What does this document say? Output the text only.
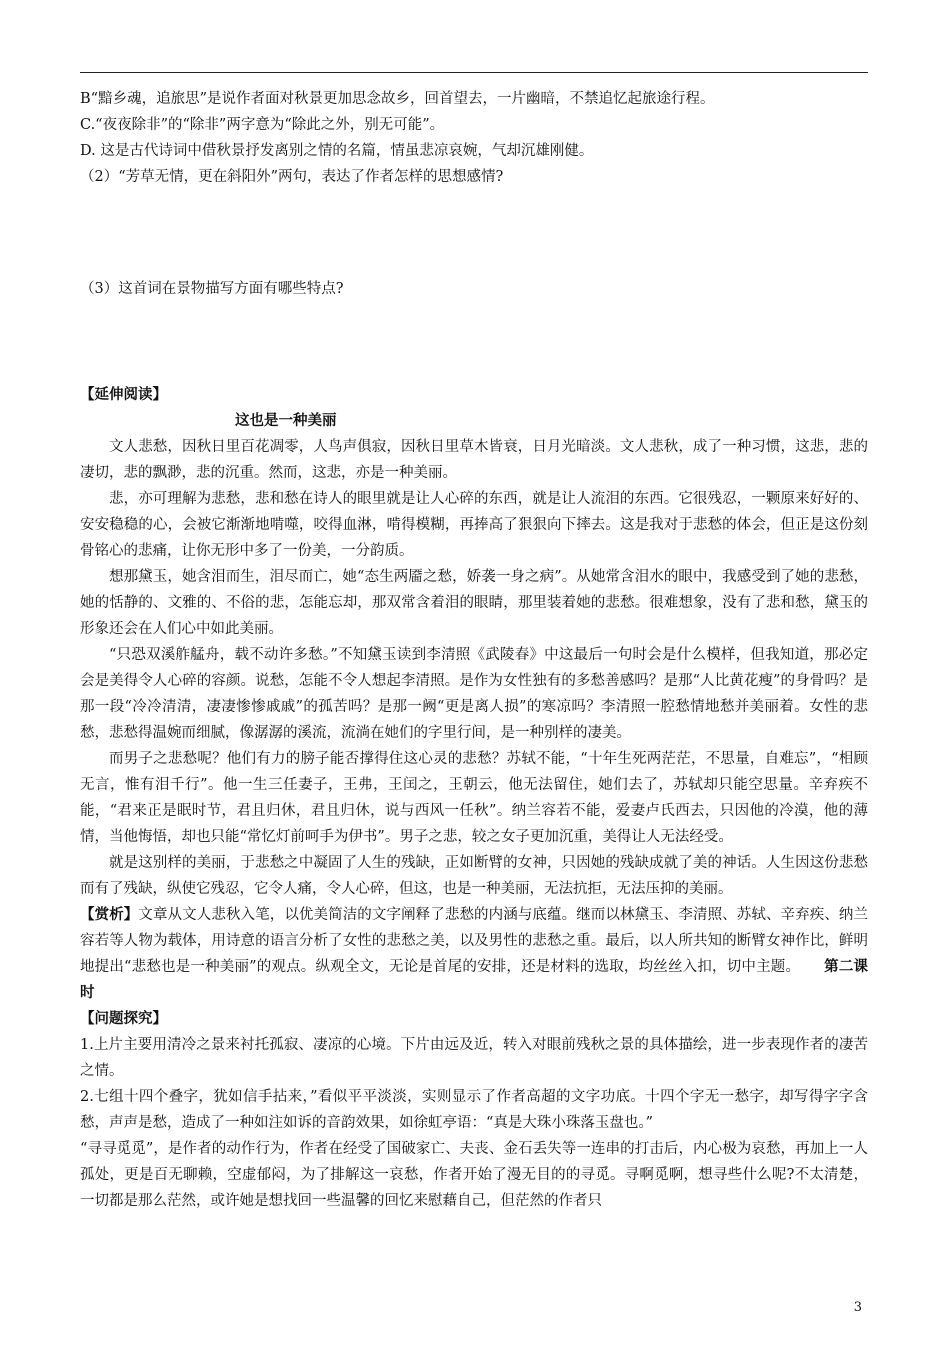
B“黯乡魂，追旅思”是说作者面对秋景更加思念故乡，回首望去，一片幽暗，不禁追忆起旅途行程。

C.“夜夜除非”的“除非”两字意为“除此之外，别无可能”。

D. 这是古代诗词中借秋景抒发离别之情的名篇，情虽悲凉哀婉，气却沉雄刚健。

（2）“芳草无情，更在斜阳外”两句，表达了作者怎样的思想感情?

（3）这首词在景物描写方面有哪些特点?

【延伸阅读】

这也是一种美丽

文人悲愁，因秋日里百花凋零，人鸟声俱寂，因秋日里草木皆衰，日月光暗淡。文人悲秋，成了一种习惯，这悲，悲的凄切，悲的飘渺，悲的沉重。然而，这悲，亦是一种美丽。

悲，亦可理解为悲愁，悲和愁在诗人的眼里就是让人心碎的东西，就是让人流泪的东西。它很残忍，一颗原来好好的、安安稳稳的心，会被它渐渐地啃噬，咬得血淋，啃得模糊，再捧高了狠狠向下摔去。这是我对于悲愁的体会，但正是这份刻骨铭心的悲痛，让你无形中多了一份美，一分韵质。

想那黛玉，她含泪而生，泪尽而亡，她“态生两靥之愁，娇袭一身之病”。从她常含泪水的眼中，我感受到了她的悲愁，她的恬静的、文雅的、不俗的悲，怎能忘却，那双常含着泪的眼睛，那里装着她的悲愁。很难想象，没有了悲和愁，黛玉的形象还会在人们心中如此美丽。

“只恐双溪舴艋舟，载不动许多愁。”不知黛玉读到李清照《武陵春》中这最后一句时会是什么模样，但我知道，那必定会是美得令人心碎的容颜。说愁，怎能不令人想起李清照。是作为女性独有的多愁善感吗？是那“人比黄花瘦”的身骨吗？是那一段“冷冷清清，凄凄惨惨戚戚”的孤苦吗？是那一阙“更是离人损”的寒凉吗？李清照一腔愁情地愁并美丽着。女性的悲愁，悲愁得温婉而细腻，像潺潺的溪流，流淌在她们的字里行间，是一种别样的凄美。

而男子之悲愁呢？他们有力的膀子能否撑得住这心灵的悲愁？苏轼不能，“十年生死两茫茫，不思量，自难忘”，“相顾无言，惟有泪千行”。他一生三任妻子，王弗，王闰之，王朝云，他无法留住，她们去了，苏轼却只能空思量。辛弃疾不能，“君来正是眠时节，君且归休，君且归休，说与西风一任秋”。纳兰容若不能，爱妻卢氏西去，只因他的冷漠，他的薄情，当他悔悟，却也只能“常忆灯前呵手为伊书”。男子之悲，较之女子更加沉重，美得让人无法经受。

就是这别样的美丽，于悲愁之中凝固了人生的残缺，正如断臂的女神，只因她的残缺成就了美的神话。人生因这份悲愁而有了残缺，纵使它残忍，它令人痛，令人心碎，但这，也是一种美丽，无法抗拒，无法压抑的美丽。

【赏析】文章从文人悲秋入笔，以优美简洁的文字阐释了悲愁的内涵与底蕴。继而以林黛玉、李清照、苏轼、辛弃疾、纳兰容若等人物为载体，用诗意的语言分析了女性的悲愁之美，以及男性的悲愁之重。最后，以人所共知的断臂女神作比，鲜明地提出“悲愁也是一种美丽”的观点。纵观全文，无论是首尾的安排，还是材料的选取，均丝丝入扣，切中主题。 第二课时

【问题探究】

1.上片主要用清冷之景来衬托孤寂、凄凉的心境。下片由远及近，转入对眼前残秋之景的具体描绘，进一步表现作者的凄苦之情。

2.七组十四个叠字，犹如信手拈来，”看似平平淡淡，实则显示了作者高超的文字功底。十四个字无一愁字，却写得字字含愁，声声是愁，造成了一种如注如诉的音韵效果，如徐虹亭语：“真是大珠小珠落玉盘也。”

“寻寻觅觅”，是作者的动作行为，作者在经受了国破家亡、夫丧、金石丢失等一连串的打击后，内心极为哀愁，再加上一人孤处，更是百无聊赖，空虚郁闷，为了排解这一哀愁，作者开始了漫无目的的寻觅。寻啊觅啊，想寻些什么呢?不太清楚，一切都是那么茫然，或许她是想找回一些温馨的回忆来慰藉自己，但茫然的作者只

3
